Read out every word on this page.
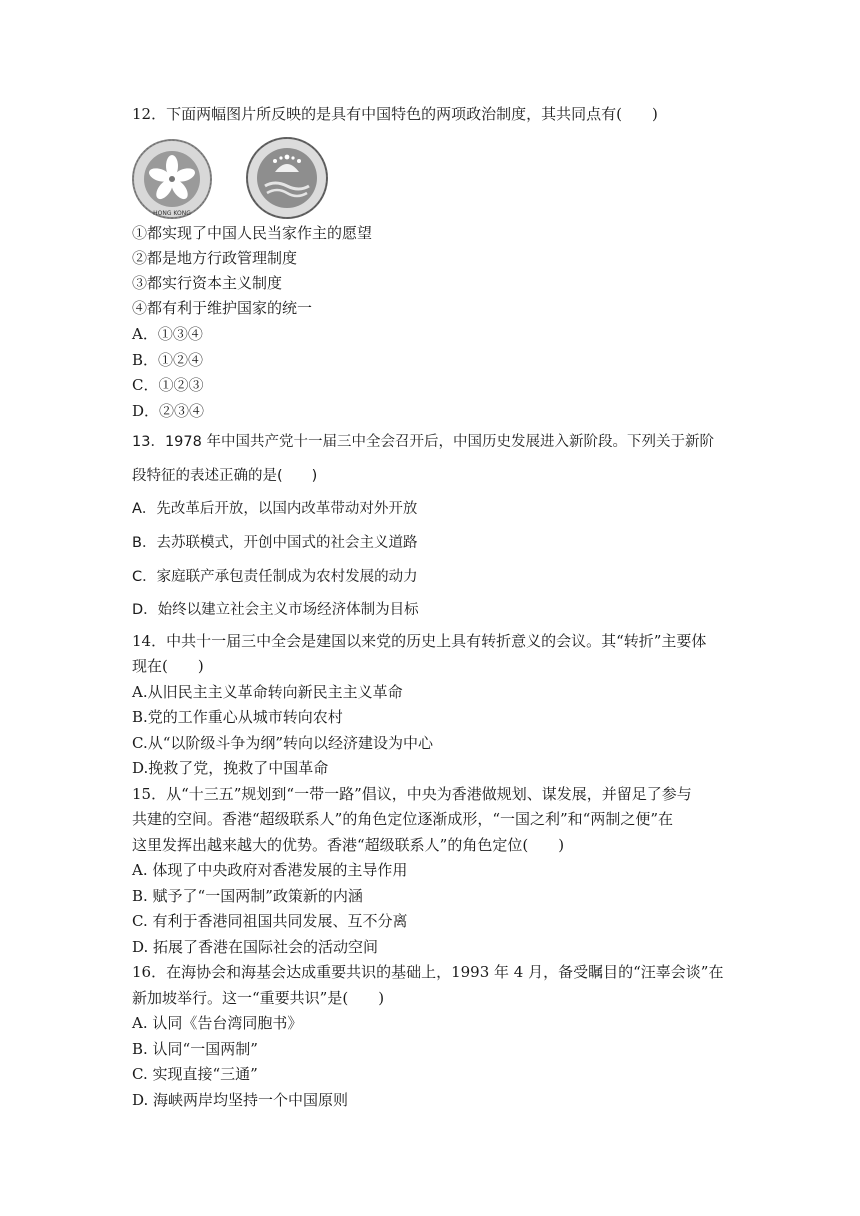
12．下面两幅图片所反映的是具有中国特色的两项政治制度，其共同点有(　　)
HONG KONG
①都实现了中国人民当家作主的愿望
②都是地方行政管理制度
③都实行资本主义制度
④都有利于维护国家的统一
A．①③④
B．①②④
C．①②③
D．②③④
13．1978 年中国共产党十一届三中全会召开后，中国历史发展进入新阶段。下列关于新阶
段特征的表述正确的是(　　)
A．先改革后开放，以国内改革带动对外开放
B．去苏联模式，开创中国式的社会主义道路
C．家庭联产承包责任制成为农村发展的动力
D．始终以建立社会主义市场经济体制为目标
14．中共十一届三中全会是建国以来党的历史上具有转折意义的会议。其“转折”主要体
现在(　　)
A.从旧民主主义革命转向新民主主义革命
B.党的工作重心从城市转向农村
C.从“以阶级斗争为纲”转向以经济建设为中心
D.挽救了党，挽救了中国革命
15．从“十三五”规划到“一带一路”倡议，中央为香港做规划、谋发展，并留足了参与
共建的空间。香港“超级联系人”的角色定位逐渐成形，“一国之利”和“两制之便”在
这里发挥出越来越大的优势。香港“超级联系人”的角色定位(　　)
A. 体现了中央政府对香港发展的主导作用
B. 赋予了“一国两制”政策新的内涵
C. 有利于香港同祖国共同发展、互不分离
D. 拓展了香港在国际社会的活动空间
16．在海协会和海基会达成重要共识的基础上，1993 年 4 月，备受瞩目的“汪辜会谈”在
新加坡举行。这一“重要共识”是(　　)
A. 认同《告台湾同胞书》
B. 认同“一国两制”
C. 实现直接“三通”
D. 海峡两岸均坚持一个中国原则
